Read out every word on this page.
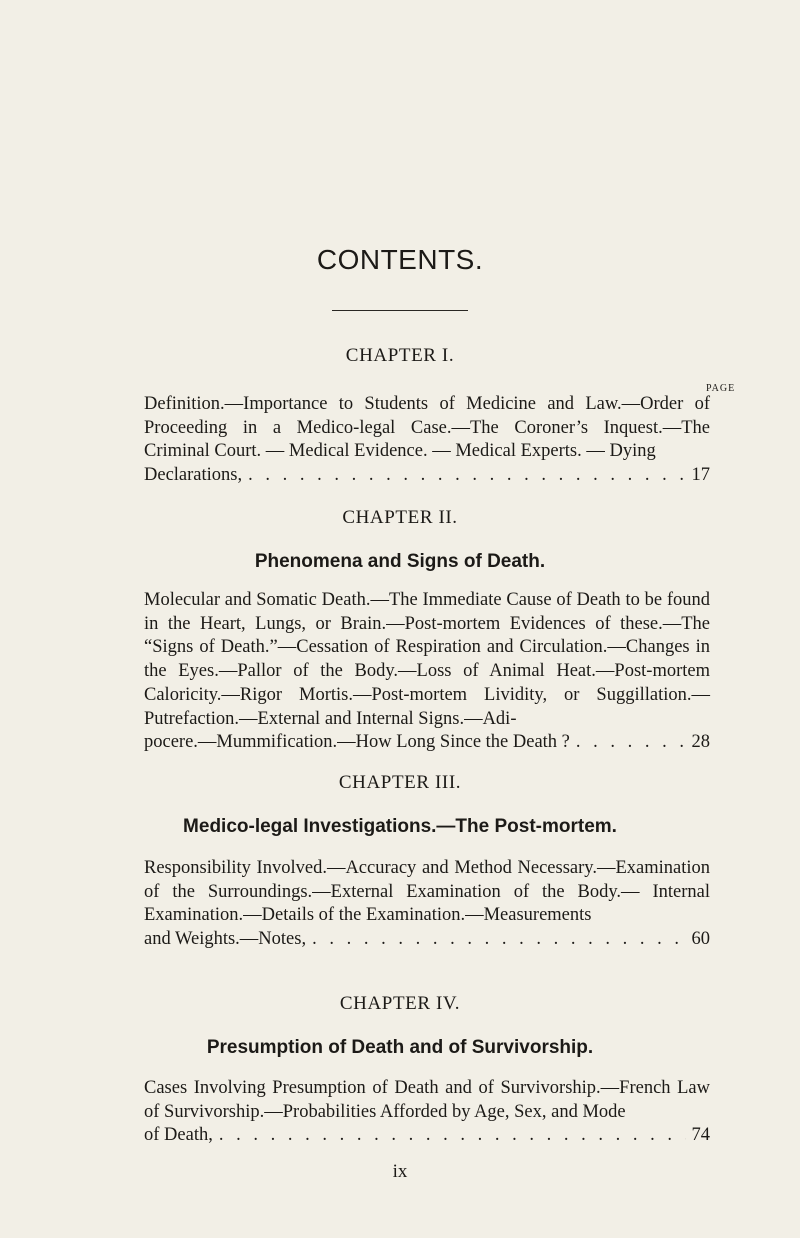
CONTENTS.
CHAPTER I.
PAGE
Definition.—Importance to Students of Medicine and Law.—Order of Proceeding in a Medico-legal Case.—The Coroner’s Inquest.—The Criminal Court. — Medical Evidence. — Medical Experts. — Dying
Declarations, . . .	17
CHAPTER II.
Phenomena and Signs of Death.
Molecular and Somatic Death.—The Immediate Cause of Death to be found in the Heart, Lungs, or Brain.—Post-mortem Evidences of these.—The “Signs of Death.”—Cessation of Respiration and Circulation.—Changes in the Eyes.—Pallor of the Body.—Loss of Animal Heat.—Post-mortem Caloricity.—Rigor Mortis.—Post-mortem Lividity, or Suggillation.—Putrefaction.—External and Internal Signs.—Adi-
pocere.—Mummification.—How Long Since the Death ? . . .	28
CHAPTER III.
Medico-legal Investigations.—The Post-mortem.
Responsibility Involved.—Accuracy and Method Necessary.—Examination of the Surroundings.—External Examination of the Body.— Internal Examination.—Details of the Examination.—Measurements
and Weights.—Notes, . . .	60
CHAPTER IV.
Presumption of Death and of Survivorship.
Cases Involving Presumption of Death and of Survivorship.—French Law of Survivorship.—Probabilities Afforded by Age, Sex, and Mode
of Death, . . .	74
ix
